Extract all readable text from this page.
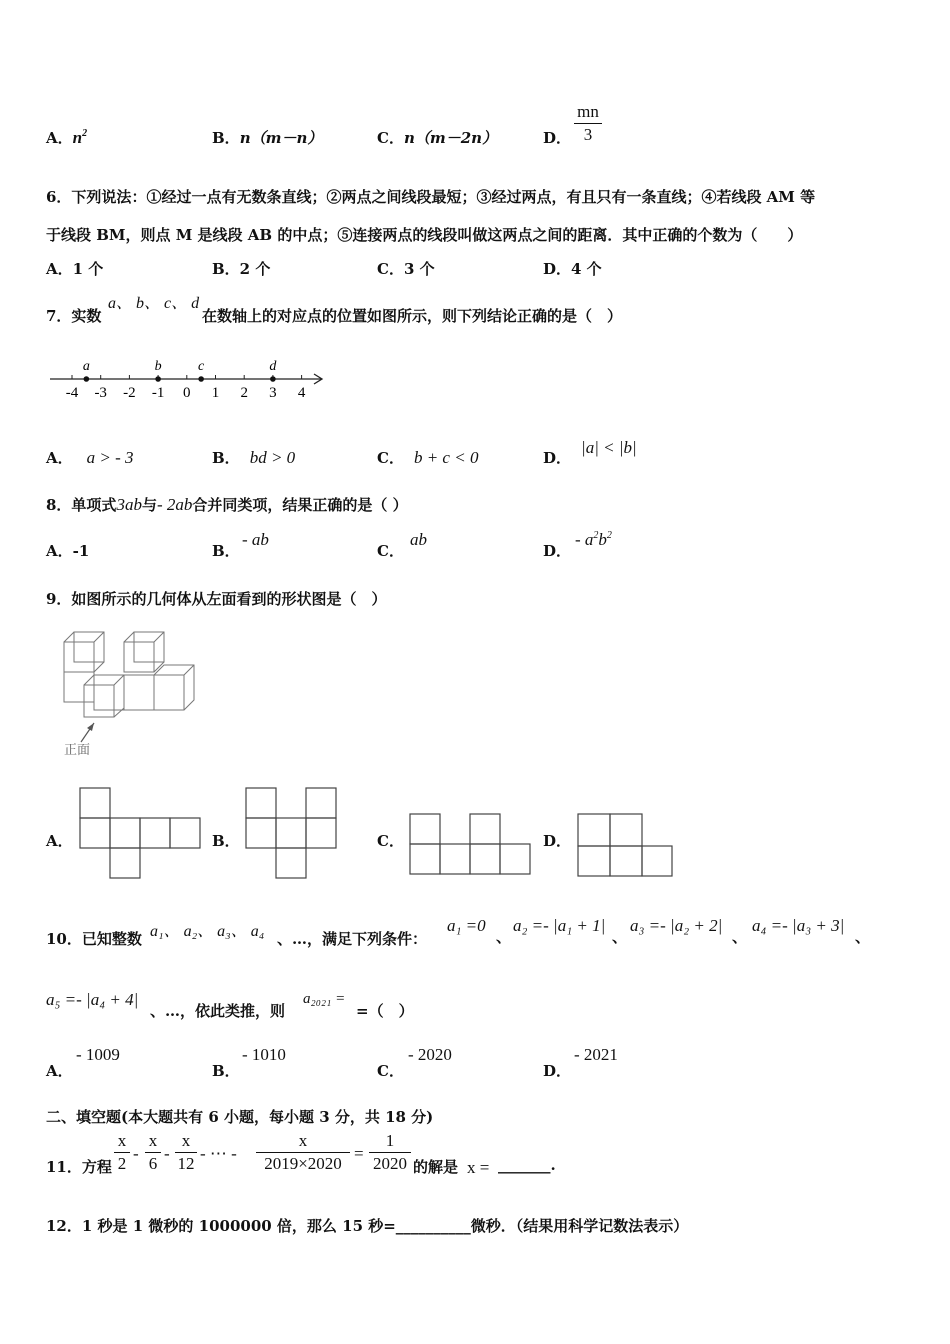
A．$n^2$	B．n（m－n）	C．n（m－2n）	D．
mn
3
6．下列说法：①经过一点有无数条直线；②两点之间线段最短；③经过两点，有且只有一条直线；④若线段 AM 等
于线段 BM，则点 M 是线段 AB 的中点；⑤连接两点的线段叫做这两点之间的距离．其中正确的个数为（　　）
A．1 个	B．2 个	C．3 个	D．4 个
7．实数
a、 b、 c、 d
在数轴上的对应点的位置如图所示，则下列结论正确的是（　）
-4 -3 -2 -1 0 1 2 3 4
a	b	c	d
A． a > - 3	B． bd > 0	C． b + c < 0	D．|a| < |b|
8．单项式3ab与- 2ab合并同类项，结果正确的是（ ）
A．-1	B．
- ab
C．
ab
D．
- $a^2b^2$
9．如图所示的几何体从左面看到的形状图是（　）
正面
A．	B．	C．	D．
10．已知整数 a₁、 a₂、 a₃、 a₄ 、…，满足下列条件：
a₁ =0
、
a₂ =- |a₁ + 1|
、
a₃ =- |a₂ + 2|
、
a₄ =- |a₃ + 3|
、
a₅ =- |a₄ + 4|
、…，依此类推，则
a₂₀₂₁ =
=（　）
A．
- 1009
B．
- 1010
C．
- 2020
D．
- 2021
二、填空题(本大题共有 6 小题，每小题 3 分，共 18 分)
11．方程
x
2
-
x
6
-
x
12
- ⋯ -
x
2019×2020
=
1
2020 的解是 x = _______.
12．1 秒是 1 微秒的 1000000 倍，那么 15 秒=__________微秒．（结果用科学记数法表示）
